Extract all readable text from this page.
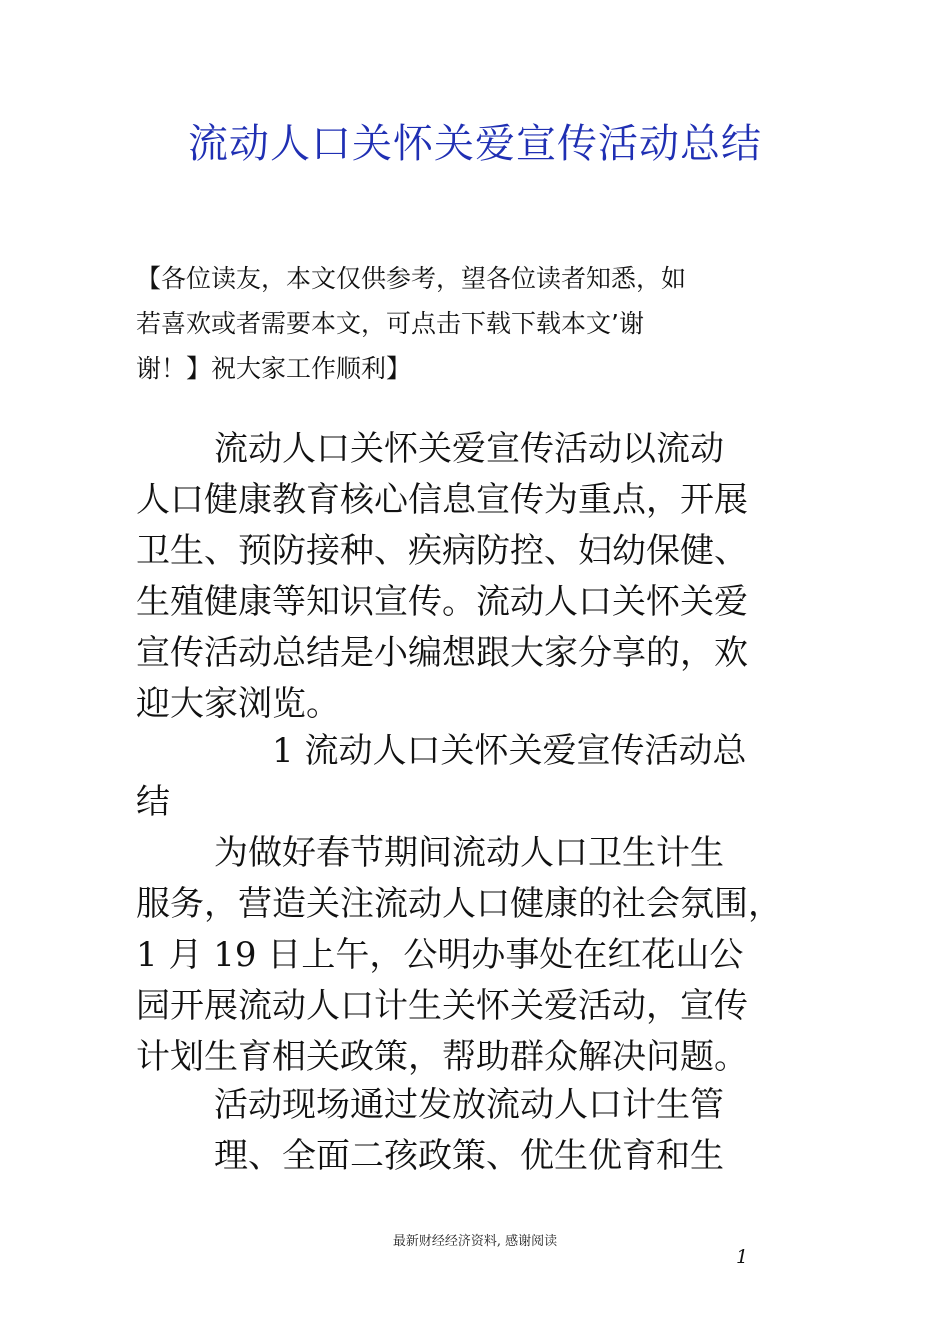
流动人口关怀关爱宣传活动总结
【各位读友，本文仅供参考，望各位读者知悉，如
若喜欢或者需要本文，可点击下载下载本文’谢
谢！】祝大家工作顺利】
流动人口关怀关爱宣传活动以流动
人口健康教育核心信息宣传为重点，开展
卫生、预防接种、疾病防控、妇幼保健、
生殖健康等知识宣传。流动人口关怀关爱
宣传活动总结是小编想跟大家分享的，欢
迎大家浏览。
1 流动人口关怀关爱宣传活动总
结
为做好春节期间流动人口卫生计生
服务，营造关注流动人口健康的社会氛围，
1 月 19 日上午，公明办事处在红花山公
园开展流动人口计生关怀关爱活动，宣传
计划生育相关政策，帮助群众解决问题。
活动现场通过发放流动人口计生管
理、全面二孩政策、优生优育和生
最新财经经济资料, 感谢阅读
1
